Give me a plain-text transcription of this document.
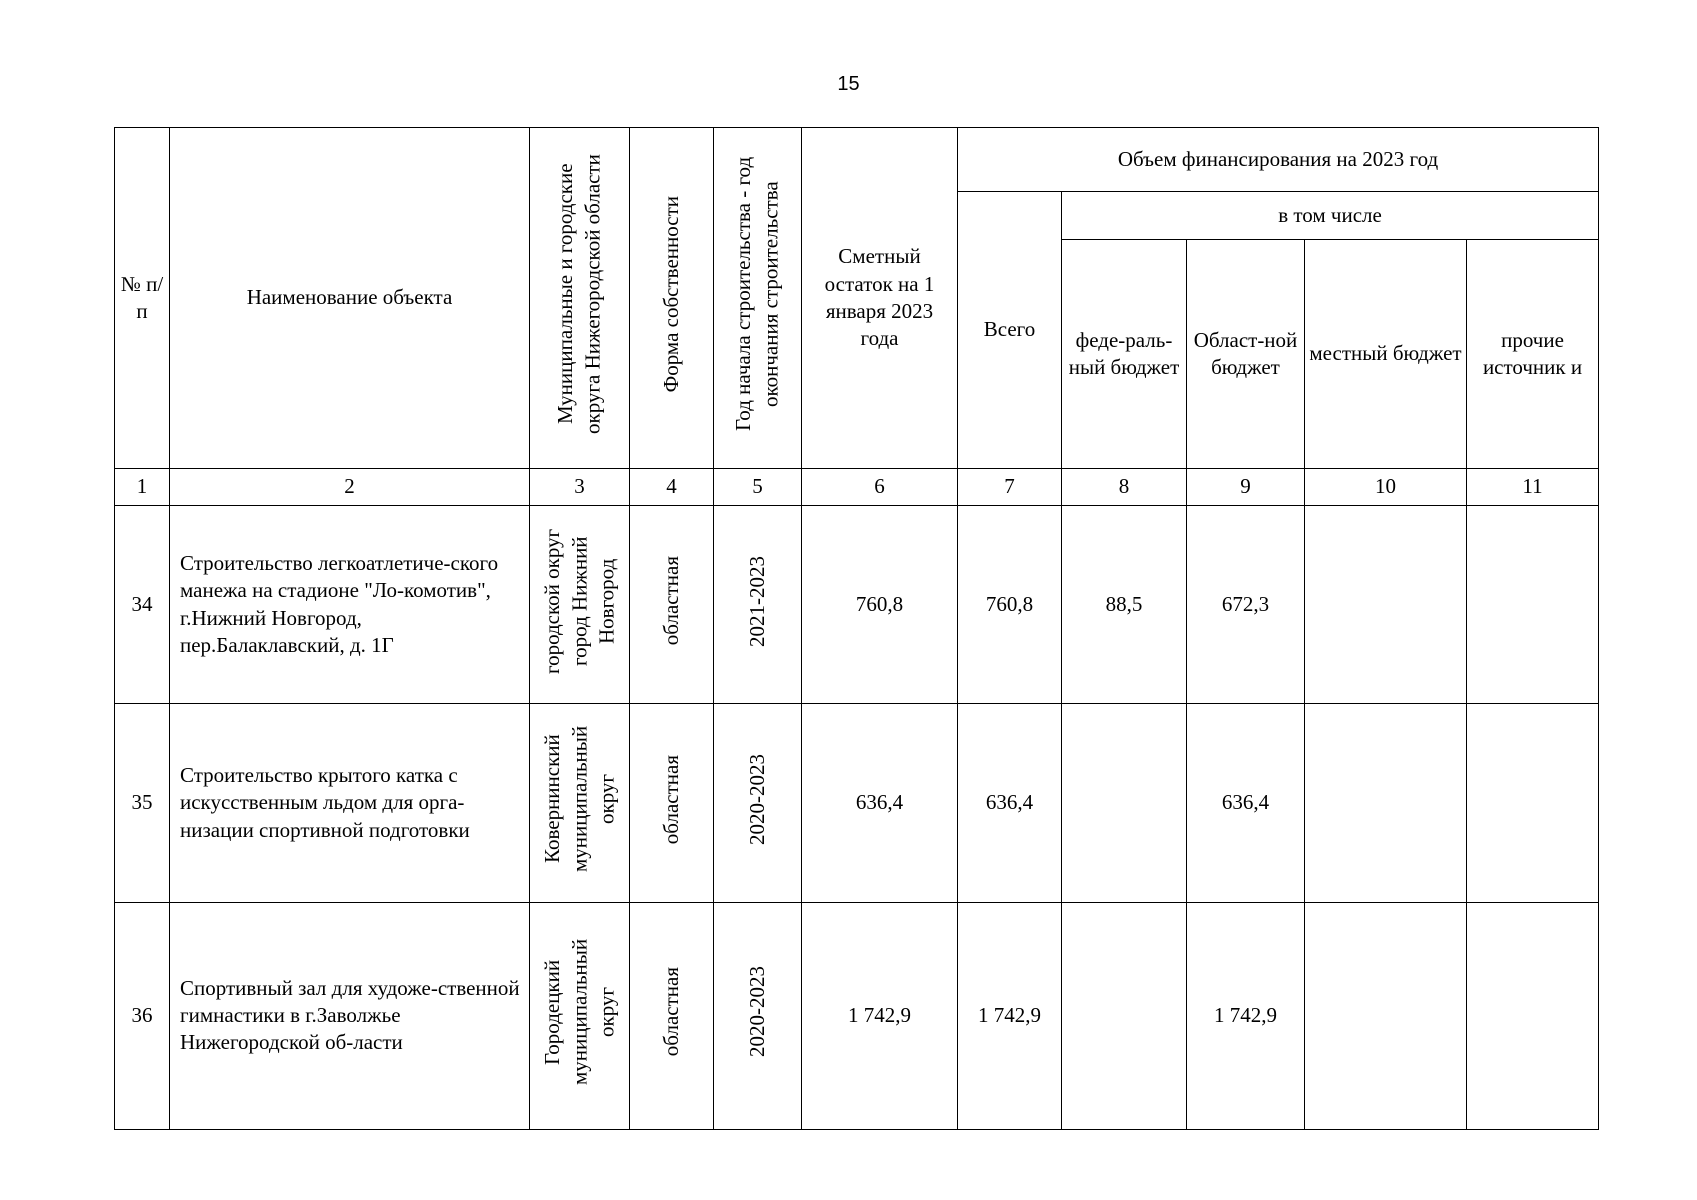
15
№ п/п	Наименование объекта	Муниципальные и городские округа Нижегородской области	Форма собственности	Год начала строительства - год окончания строительства	Сметный остаток на 1 января 2023 года	Объем финансирования на 2023 год				
						Всего	в том числе			
							феде-раль-ный бюджет	Област-ной бюджет	местный бюджет	прочие источник и
1	2	3	4	5	6	7	8	9	10	11
34	Строительство легкоатлетиче-ского манежа на стадионе "Ло-комотив", г.Нижний Новгород, пер.Балаклавский, д. 1Г	городской округ город Нижний Новгород	областная	2021-2023	760,8	760,8	88,5	672,3		
35	Строительство крытого катка с искусственным льдом для орга-низации спортивной подготовки	Ковернинский муниципальный округ	областная	2020-2023	636,4	636,4		636,4		
36	Спортивный зал для художе-ственной гимнастики в г.Заволжье Нижегородской об-ласти	Городецкий муниципальный округ	областная	2020-2023	1 742,9	1 742,9		1 742,9		
